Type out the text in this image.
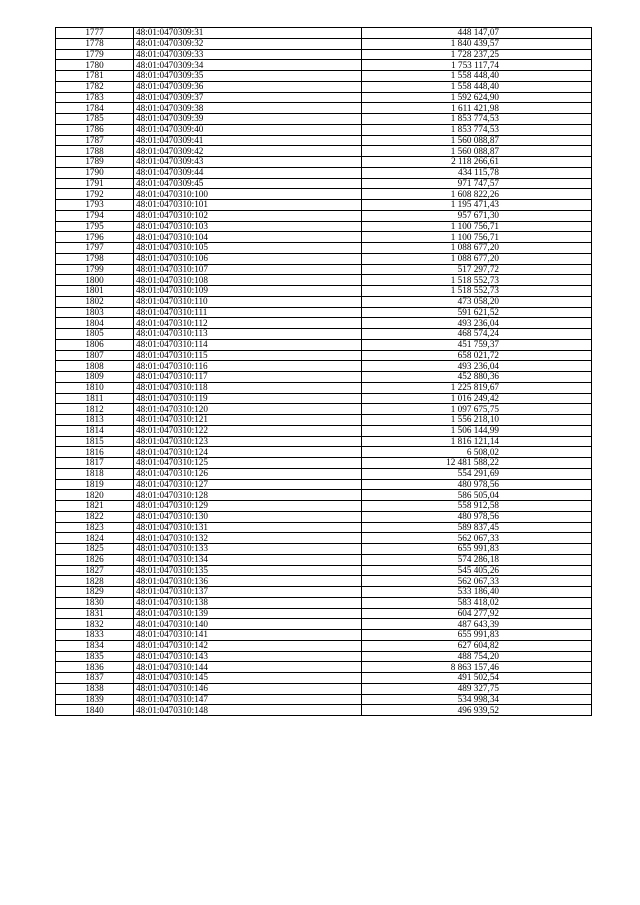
1777	48:01:0470309:31	448 147,07
1778	48:01:0470309:32	1 840 439,57
1779	48:01:0470309:33	1 728 237,25
1780	48:01:0470309:34	1 753 117,74
1781	48:01:0470309:35	1 558 448,40
1782	48:01:0470309:36	1 558 448,40
1783	48:01:0470309:37	1 592 624,90
1784	48:01:0470309:38	1 611 421,98
1785	48:01:0470309:39	1 853 774,53
1786	48:01:0470309:40	1 853 774,53
1787	48:01:0470309:41	1 560 088,87
1788	48:01:0470309:42	1 560 088,87
1789	48:01:0470309:43	2 118 266,61
1790	48:01:0470309:44	434 115,78
1791	48:01:0470309:45	971 747,57
1792	48:01:0470310:100	1 608 822,26
1793	48:01:0470310:101	1 195 471,43
1794	48:01:0470310:102	957 671,30
1795	48:01:0470310:103	1 100 756,71
1796	48:01:0470310:104	1 100 756,71
1797	48:01:0470310:105	1 088 677,20
1798	48:01:0470310:106	1 088 677,20
1799	48:01:0470310:107	517 297,72
1800	48:01:0470310:108	1 518 552,73
1801	48:01:0470310:109	1 518 552,73
1802	48:01:0470310:110	473 058,20
1803	48:01:0470310:111	591 621,52
1804	48:01:0470310:112	493 236,04
1805	48:01:0470310:113	468 574,24
1806	48:01:0470310:114	451 759,37
1807	48:01:0470310:115	658 021,72
1808	48:01:0470310:116	493 236,04
1809	48:01:0470310:117	452 880,36
1810	48:01:0470310:118	1 225 819,67
1811	48:01:0470310:119	1 016 249,42
1812	48:01:0470310:120	1 097 675,75
1813	48:01:0470310:121	1 556 218,10
1814	48:01:0470310:122	1 506 144,99
1815	48:01:0470310:123	1 816 121,14
1816	48:01:0470310:124	6 508,02
1817	48:01:0470310:125	12 481 588,22
1818	48:01:0470310:126	554 291,69
1819	48:01:0470310:127	480 978,56
1820	48:01:0470310:128	586 505,04
1821	48:01:0470310:129	558 912,58
1822	48:01:0470310:130	480 978,56
1823	48:01:0470310:131	589 837,45
1824	48:01:0470310:132	562 067,33
1825	48:01:0470310:133	655 991,83
1826	48:01:0470310:134	574 286,18
1827	48:01:0470310:135	545 405,26
1828	48:01:0470310:136	562 067,33
1829	48:01:0470310:137	533 186,40
1830	48:01:0470310:138	583 418,02
1831	48:01:0470310:139	604 277,92
1832	48:01:0470310:140	487 643,39
1833	48:01:0470310:141	655 991,83
1834	48:01:0470310:142	627 604,82
1835	48:01:0470310:143	488 754,20
1836	48:01:0470310:144	8 863 157,46
1837	48:01:0470310:145	491 502,54
1838	48:01:0470310:146	489 327,75
1839	48:01:0470310:147	534 998,34
1840	48:01:0470310:148	496 939,52
